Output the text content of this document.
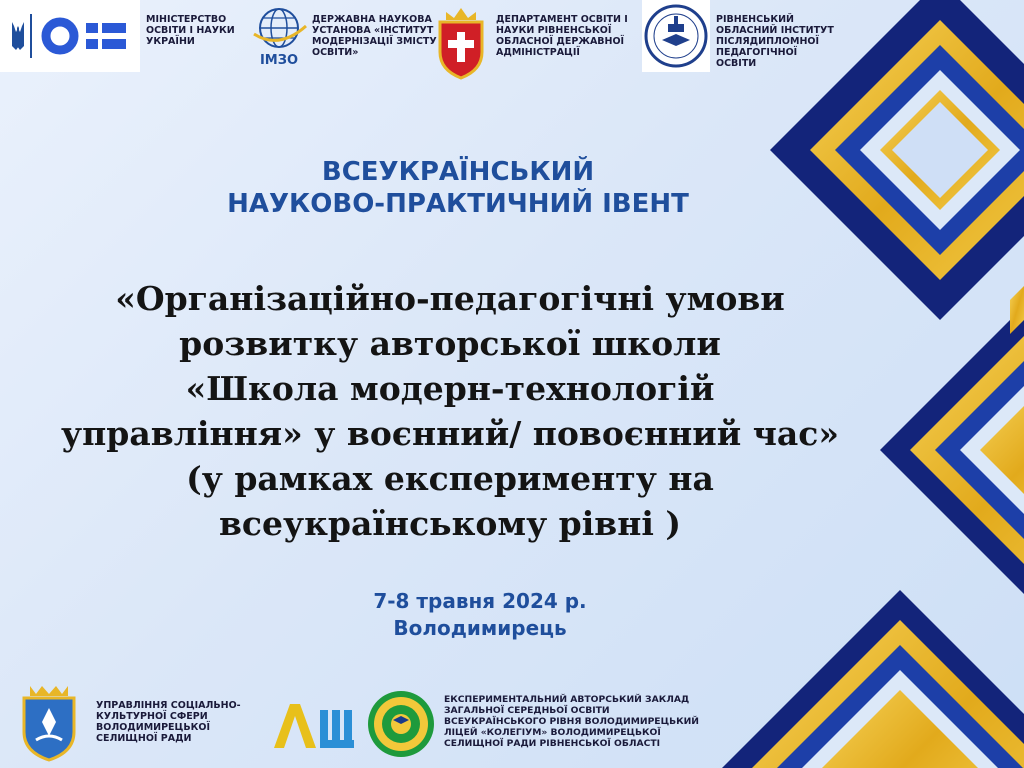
МІНІСТЕРСТВО
ОСВІТИ І НАУКИ
УКРАЇНИ
ІМЗО
ДЕРЖАВНА НАУКОВА
УСТАНОВА «ІНСТИТУТ
МОДЕРНІЗАЦІЇ ЗМІСТУ
ОСВІТИ»
ДЕПАРТАМЕНТ ОСВІТИ І
НАУКИ РІВНЕНСЬКОЇ
ОБЛАСНОЇ ДЕРЖАВНОЇ
АДМІНІСТРАЦІЇ
РІВНЕНСЬКИЙ
ОБЛАСНИЙ ІНСТИТУТ
ПІСЛЯДИПЛОМНОЇ
ПЕДАГОГІЧНОЇ
ОСВІТИ
ВСЕУКРАЇНСЬКИЙ
НАУКОВО-ПРАКТИЧНИЙ ІВЕНТ
«Організаційно-педагогічні умови
розвитку авторської школи
«Школа модерн-технологій
управління» у воєнний/ повоєнний час»
(у рамках експерименту на
всеукраїнському рівні )
7-8 травня 2024 р.
Володимирець
УПРАВЛІННЯ СОЦІАЛЬНО-
КУЛЬТУРНОЇ СФЕРИ
ВОЛОДИМИРЕЦЬКОЇ
СЕЛИЩНОЇ РАДИ
АШ
ЕКСПЕРИМЕНТАЛЬНИЙ АВТОРСЬКИЙ ЗАКЛАД
ЗАГАЛЬНОЇ СЕРЕДНЬОЇ ОСВІТИ
ВСЕУКРАЇНСЬКОГО РІВНЯ ВОЛОДИМИРЕЦЬКИЙ
ЛІЦЕЙ «КОЛЕГІУМ» ВОЛОДИМИРЕЦЬКОЇ
СЕЛИЩНОЇ РАДИ РІВНЕНСЬКОЇ ОБЛАСТІ
